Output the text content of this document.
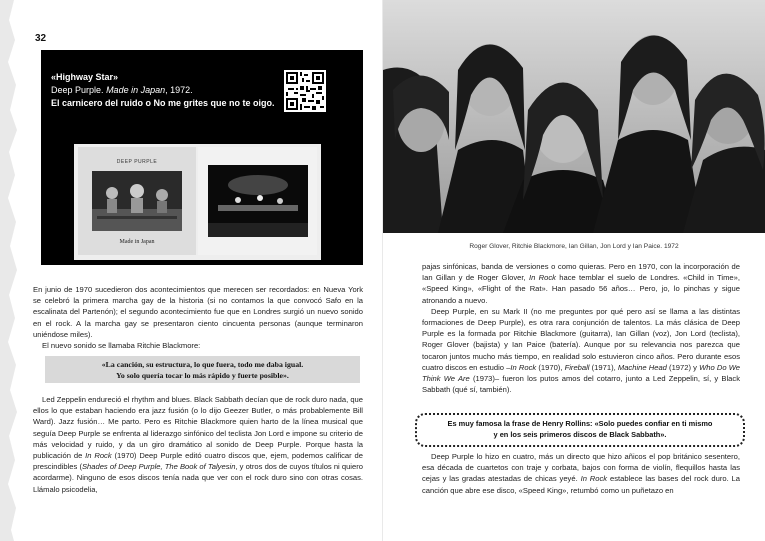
32
«Highway Star»
Deep Purple. Made in Japan, 1972.
El carnicero del ruido o No me grites que no te oigo.
DEEP PURPLE
Made in Japan

En junio de 1970 sucedieron dos acontecimientos que merecen ser recordados: en Nueva York se celebró la primera marcha gay de la historia (si no contamos la que convocó Safo en la escalinata del Partenón); el segundo acontecimiento fue que en Londres surgió un nuevo sonido en el rock. A la marcha gay se presentaron ciento cincuenta personas (aunque terminaron uniéndose miles).

El nuevo sonido se llamaba Ritchie Blackmore:

«La canción, su estructura, lo que fuera, todo me daba igual.
Yo solo quería tocar lo más rápido y fuerte posible».

Led Zeppelin endureció el rhythm and blues. Black Sabbath decían que de rock duro nada, que ellos lo que estaban haciendo era jazz fusión (o lo dijo Geezer Butler, o más probablemente Bill Ward). Jazz fusión… Me parto. Pero es Ritchie Blackmore quien harto de la línea musical que seguía Deep Purple se enfrenta al liderazgo sinfónico del teclista Jon Lord e impone su criterio de más velocidad y ruido, y da un giro dramático al sonido de Deep Purple. Porque hasta la publicación de In Rock (1970) Deep Purple editó cuatro discos que, ejem, podemos calificar de prescindibles (Shades of Deep Purple, The Book of Talyesin, y otros dos de cuyos títulos ni quiero acordarme). Ninguno de esos discos tenía nada que ver con el rock duro sino con otras cosas. Llámalo psicodelia,

Roger Glover, Ritchie Blackmore, Ian Gillan, Jon Lord y Ian Paice. 1972

pajas sinfónicas, banda de versiones o como quieras. Pero en 1970, con la incorporación de Ian Gillan y de Roger Glover, In Rock hace temblar el suelo de Londres. «Child in Time», «Speed King», «Flight of the Rat». Han pasado 56 años… Pero, jo, lo pinchas y sigue atronando a nuevo.

Deep Purple, en su Mark II (no me preguntes por qué pero así se llama a las distintas formaciones de Deep Purple), es otra rara conjunción de talentos. La más clásica de Deep Purple es la formada por Ritchie Blackmore (guitarra), Ian Gillan (voz), Jon Lord (teclista), Roger Glover (bajista) y Ian Paice (batería). Aunque por su relevancia nos parezca que tocaron juntos mucho más tiempo, en realidad solo estuvieron cinco años. Pero durante esos cuatro discos en estudio –In Rock (1970), Fireball (1971), Machine Head (1972) y Who Do We Think We Are (1973)– fueron los putos amos del cotarro, junto a Led Zeppelin, sí, y Black Sabbath (qué sí, también).

Es muy famosa la frase de Henry Rollins: «Solo puedes confiar en ti mismo
y en los seis primeros discos de Black Sabbath».

Deep Purple lo hizo en cuatro, más un directo que hizo añicos el pop británico sesentero, esa década de cuartetos con traje y corbata, bajos con forma de violín, flequillos hasta las cejas y las gradas atestadas de chicas yeyé. In Rock establece las bases del rock duro. La canción que abre ese disco, «Speed King», retumbó como un puñetazo en
